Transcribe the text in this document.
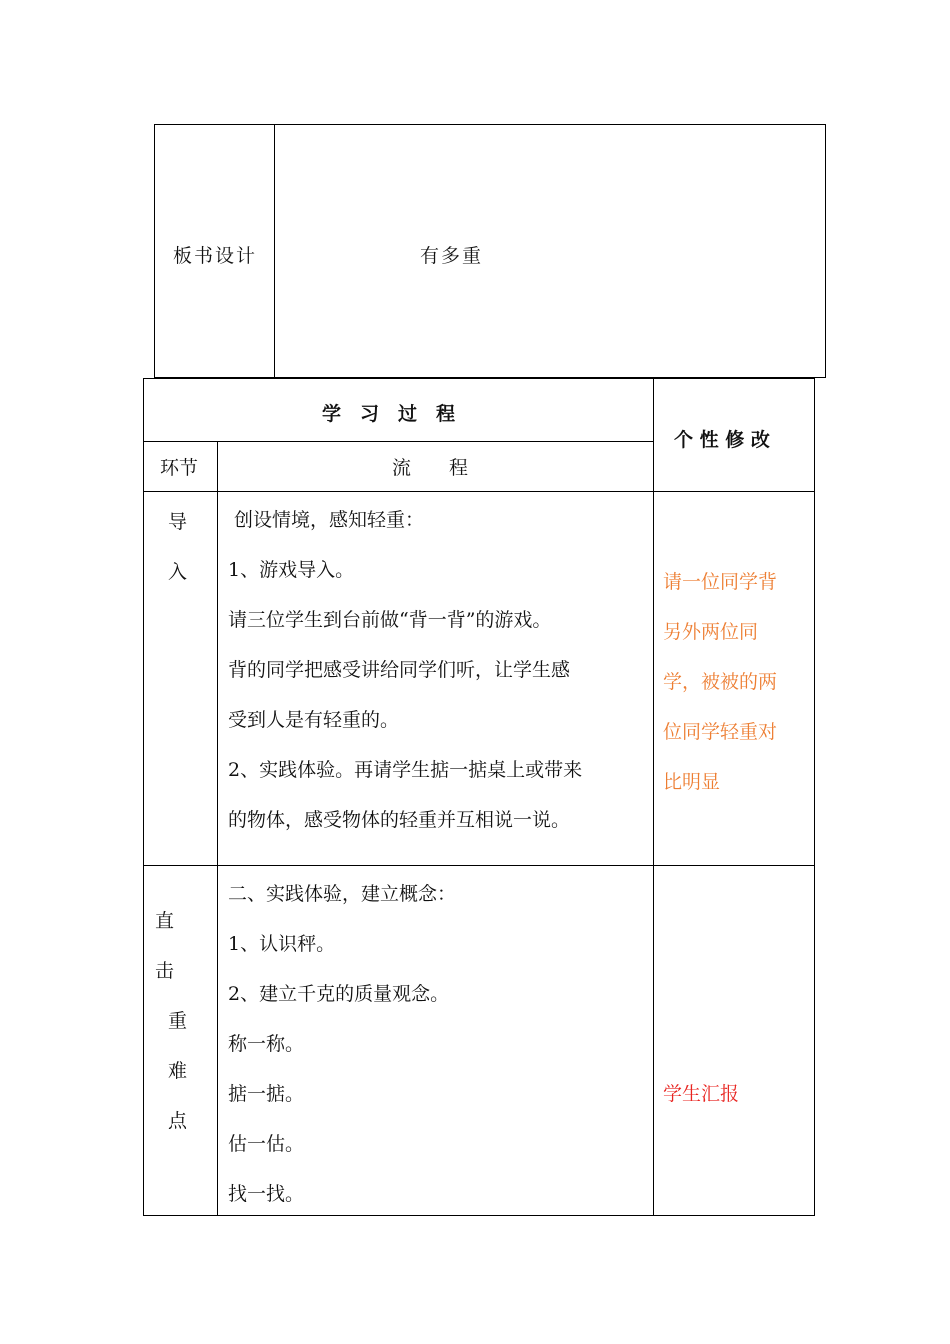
板书设计	有多重
学　习　过　程
个 性 修 改
环节	流　　程
导
入
创设情境，感知轻重：
1、游戏导入。
请三位学生到台前做“背一背”的游戏。
背的同学把感受讲给同学们听，让学生感
受到人是有轻重的。
2、实践体验。再请学生掂一掂桌上或带来
的物体，感受物体的轻重并互相说一说。
请一位同学背
另外两位同
学，被被的两
位同学轻重对
比明显
直
击
重
难
点
二、实践体验，建立概念：
1、认识秤。
2、建立千克的质量观念。
称一称。
掂一掂。
估一估。
找一找。
学生汇报
